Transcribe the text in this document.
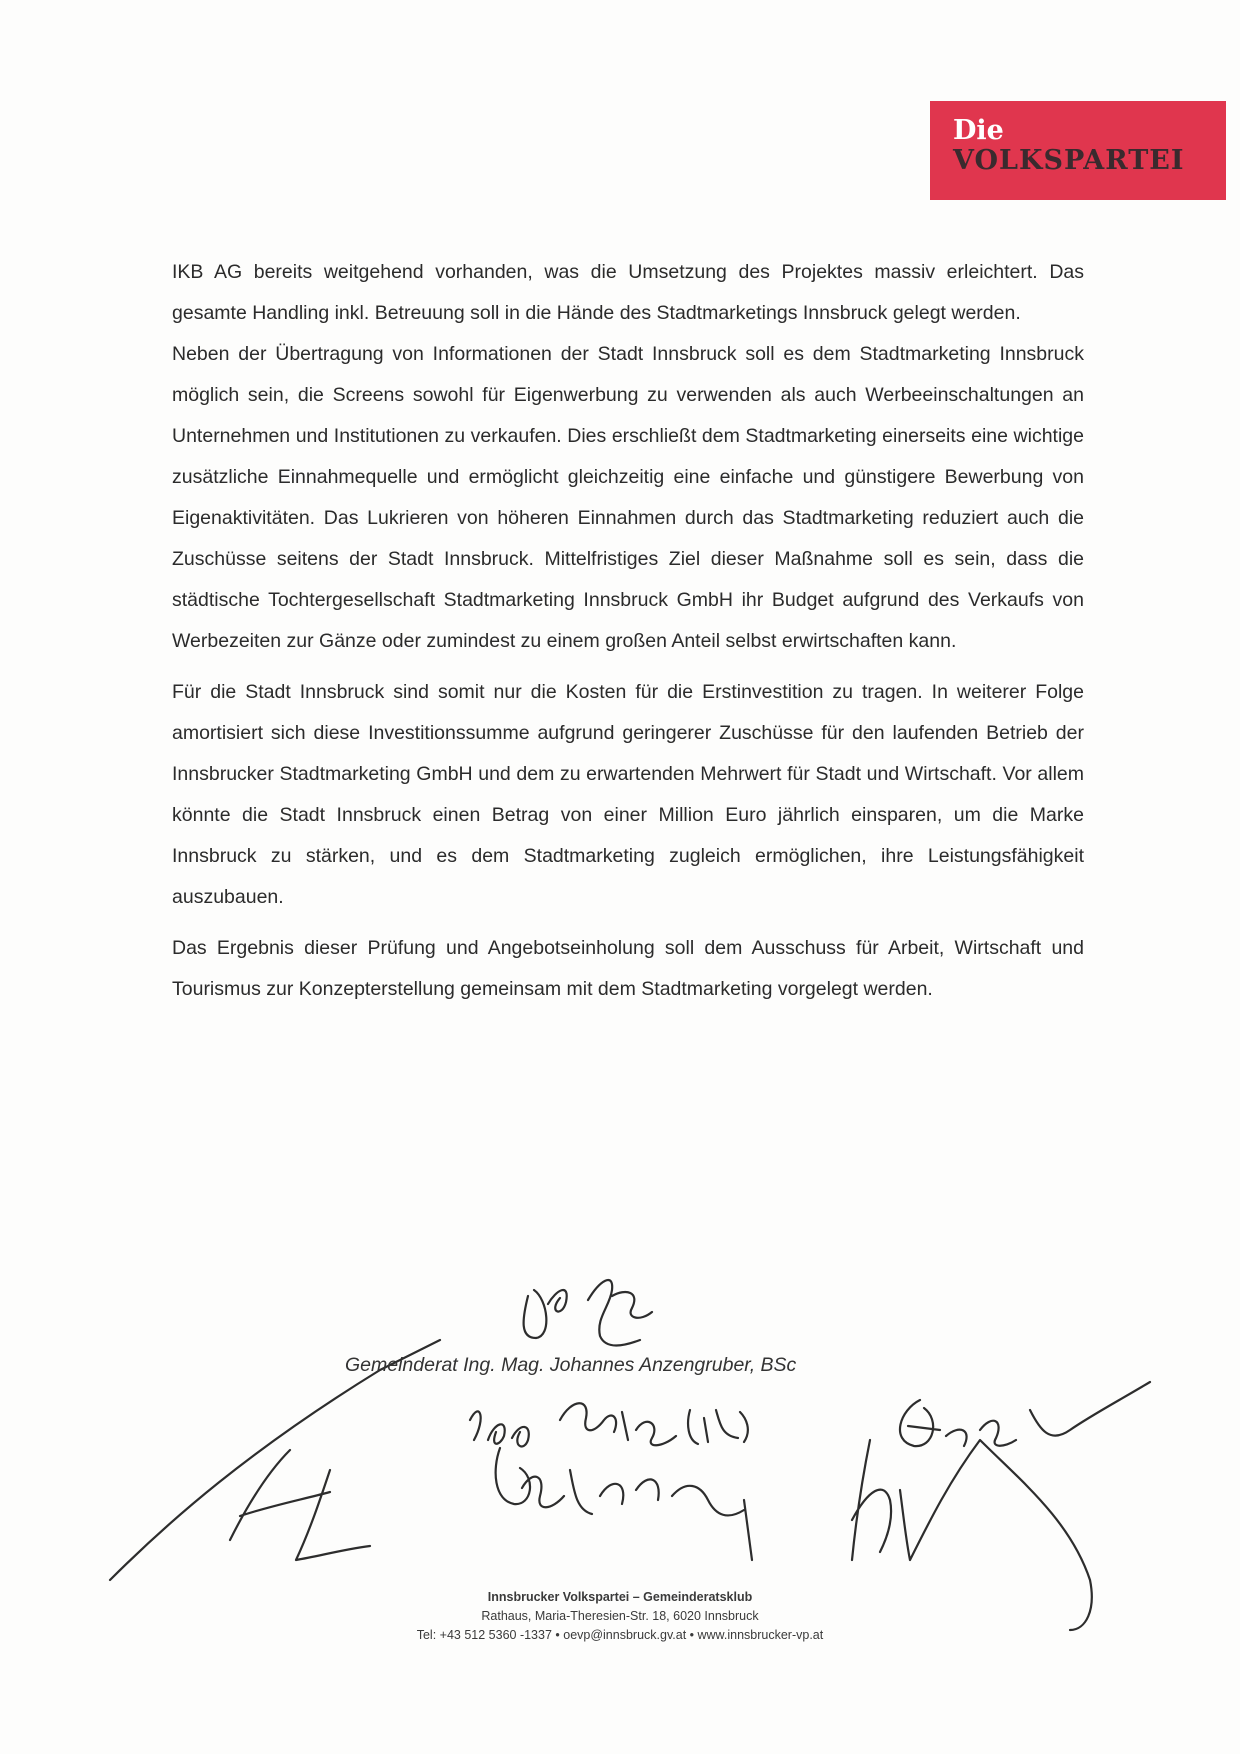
Die
VOLKSPARTEI

IKB AG bereits weitgehend vorhanden, was die Umsetzung des Projektes massiv erleichtert. Das gesamte Handling inkl. Betreuung soll in die Hände des Stadtmarketings Innsbruck gelegt werden.

Neben der Übertragung von Informationen der Stadt Innsbruck soll es dem Stadtmarketing Innsbruck möglich sein, die Screens sowohl für Eigenwerbung zu verwenden als auch Werbeeinschaltungen an Unternehmen und Institutionen zu verkaufen. Dies erschließt dem Stadtmarketing einerseits eine wichtige zusätzliche Einnahmequelle und ermöglicht gleichzeitig eine einfache und günstigere Bewerbung von Eigenaktivitäten. Das Lukrieren von höheren Einnahmen durch das Stadtmarketing reduziert auch die Zuschüsse seitens der Stadt Innsbruck. Mittelfristiges Ziel dieser Maßnahme soll es sein, dass die städtische Tochtergesellschaft Stadtmarketing Innsbruck GmbH ihr Budget aufgrund des Verkaufs von Werbezeiten zur Gänze oder zumindest zu einem großen Anteil selbst erwirtschaften kann.

Für die Stadt Innsbruck sind somit nur die Kosten für die Erstinvestition zu tragen. In weiterer Folge amortisiert sich diese Investitionssumme aufgrund geringerer Zuschüsse für den laufenden Betrieb der Innsbrucker Stadtmarketing GmbH und dem zu erwartenden Mehrwert für Stadt und Wirtschaft. Vor allem könnte die Stadt Innsbruck einen Betrag von einer Million Euro jährlich einsparen, um die Marke Innsbruck zu stärken, und es dem Stadtmarketing zugleich ermöglichen, ihre Leistungsfähigkeit auszubauen.

Das Ergebnis dieser Prüfung und Angebotseinholung soll dem Ausschuss für Arbeit, Wirtschaft und Tourismus zur Konzepterstellung gemeinsam mit dem Stadtmarketing vorgelegt werden.

Gemeinderat Ing. Mag. Johannes Anzengruber, BSc
Innsbrucker Volkspartei – Gemeinderatsklub
Rathaus, Maria-Theresien-Str. 18, 6020 Innsbruck
Tel: +43 512 5360 -1337 • oevp@innsbruck.gv.at • www.innsbrucker-vp.at
